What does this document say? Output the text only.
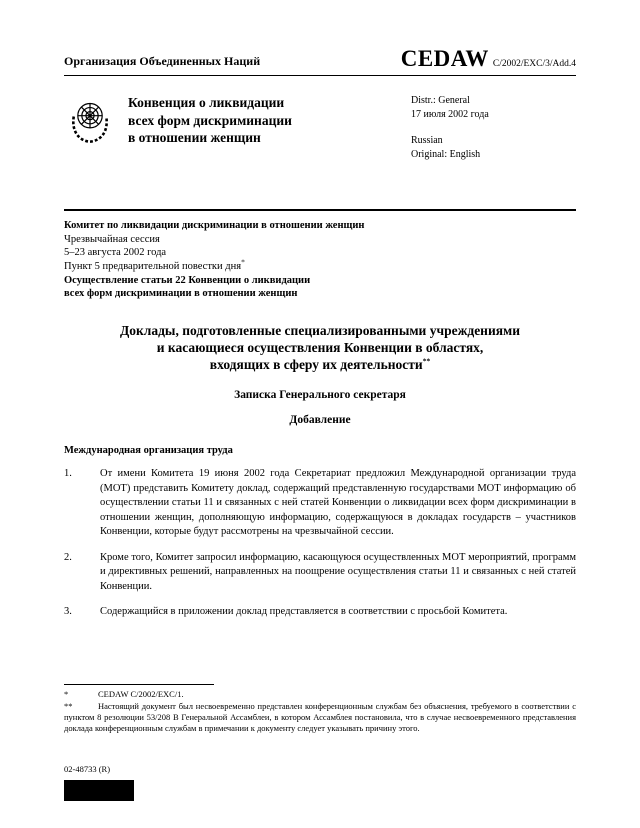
Организация Объединенных Наций	CEDAW C/2002/EXC/3/Add.4
Конвенция о ликвидации
всех форм дискриминации
в отношении женщин
Distr.: General
17 июля 2002 года
Russian
Original: English
Комитет по ликвидации дискриминации в отношении женщин
Чрезвычайная сессия
5–23 августа 2002 года
Пункт 5 предварительной повестки дня*
Осуществление статьи 22 Конвенции о ликвидации
всех форм дискриминации в отношении женщин
Доклады, подготовленные специализированными учреждениями
и касающиеся осуществления Конвенции в областях,
входящих в сферу их деятельности**
Записка Генерального секретаря
Добавление
Международная организация труда
1.	От имени Комитета 19 июня 2002 года Секретариат предложил Международной организации труда (МОТ) представить Комитету доклад, содержащий представленную государствами МОТ информацию об осуществлении статьи 11 и связанных с ней статей Конвенции о ликвидации всех форм дискриминации в отношении женщин, дополняющую информацию, содержащуюся в докладах государств – участников Конвенции, которые будут рассмотрены на чрезвычайной сессии.
2.	Кроме того, Комитет запросил информацию, касающуюся осуществленных МОТ мероприятий, программ и директивных решений, направленных на поощрение осуществления статьи 11 и связанных с ней статей Конвенции.
3.	Содержащийся в приложении доклад представляется в соответствии с просьбой Комитета.
*	CEDAW C/2002/EXC/1.
**	Настоящий документ был несвоевременно представлен конференционным службам без объяснения, требуемого в соответствии с пунктом 8 резолюции 53/208 В Генеральной Ассамблеи, в котором Ассамблея постановила, что в случае несвоевременного представления доклада конференционным службам в примечании к документу следует указывать причину этого.
02-48733 (R)
